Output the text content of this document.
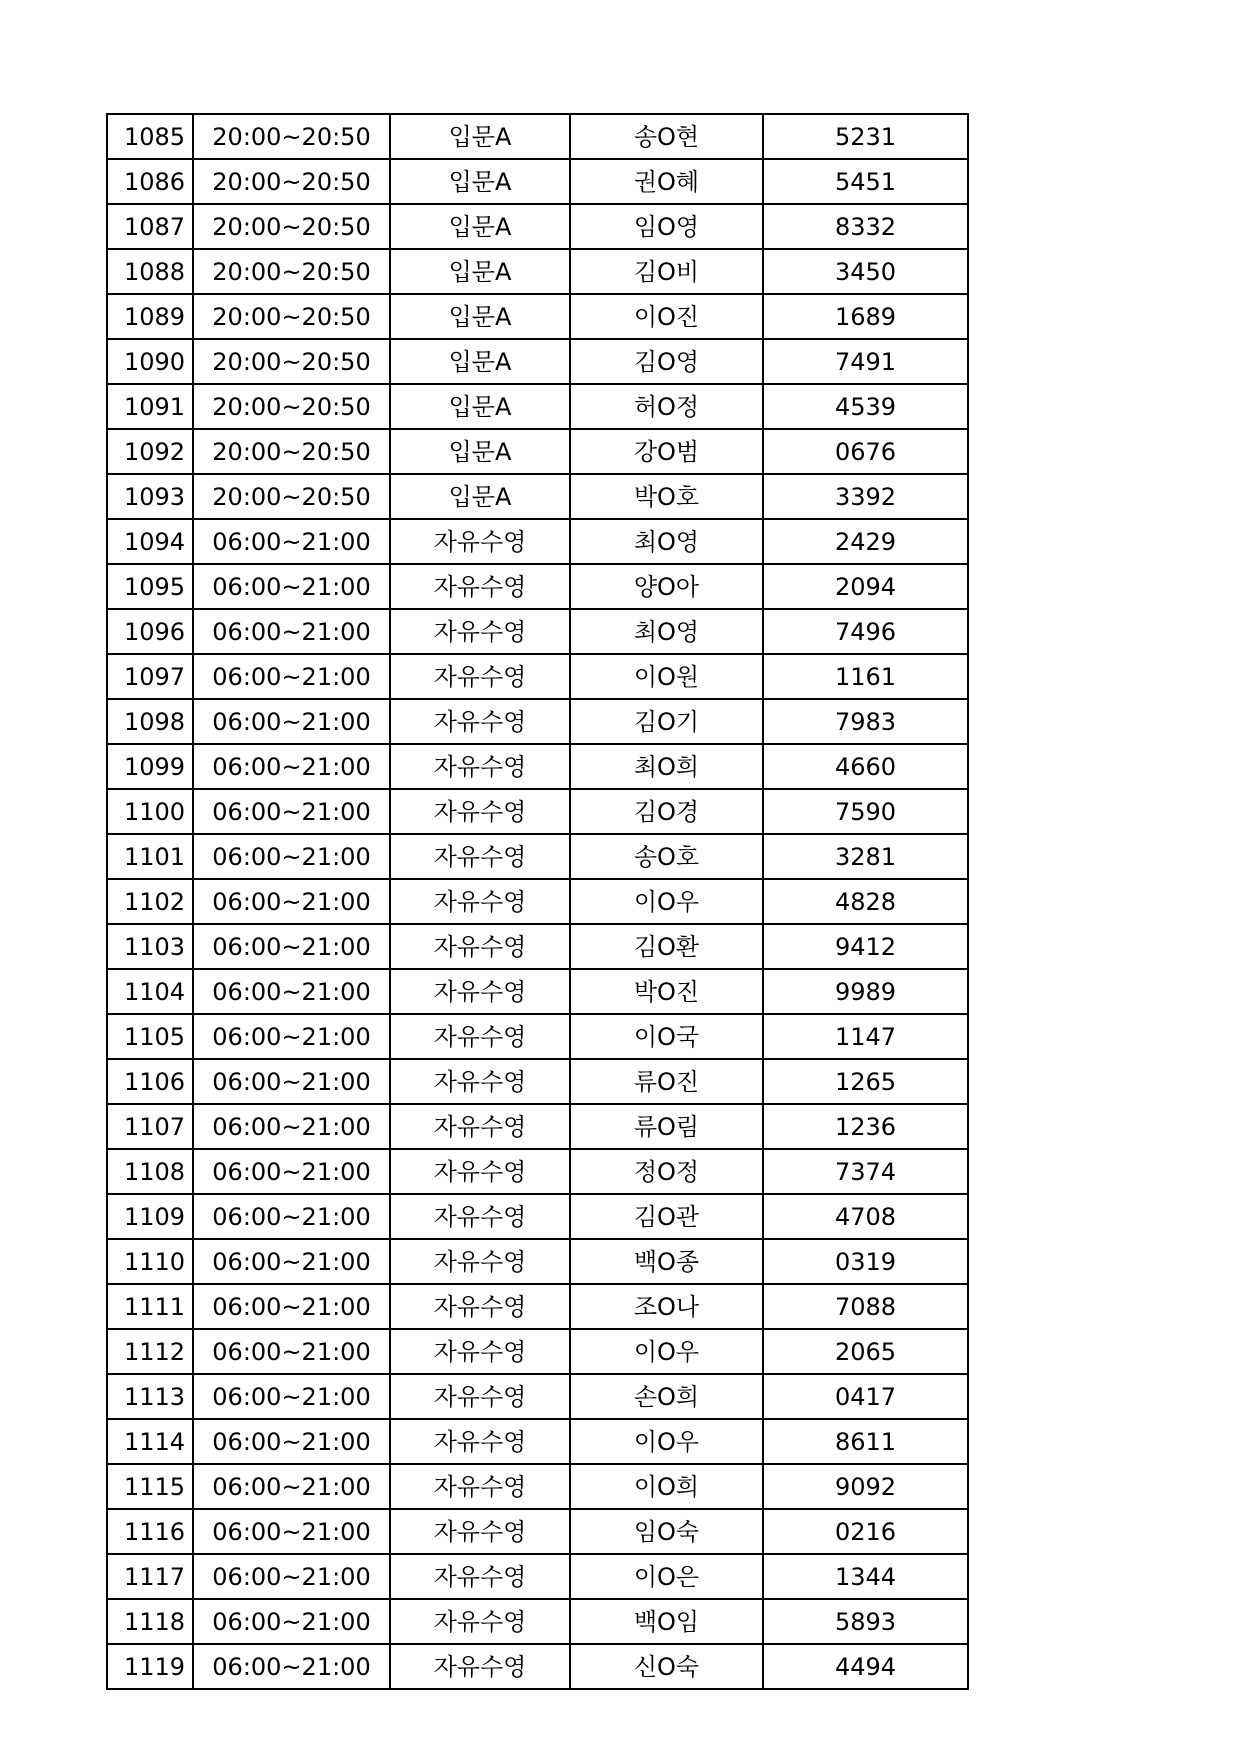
1085	20:00~20:50	입문A	송O현	5231
1086	20:00~20:50	입문A	권O혜	5451
1087	20:00~20:50	입문A	임O영	8332
1088	20:00~20:50	입문A	김O비	3450
1089	20:00~20:50	입문A	이O진	1689
1090	20:00~20:50	입문A	김O영	7491
1091	20:00~20:50	입문A	허O정	4539
1092	20:00~20:50	입문A	강O범	0676
1093	20:00~20:50	입문A	박O호	3392
1094	06:00~21:00	자유수영	최O영	2429
1095	06:00~21:00	자유수영	양O아	2094
1096	06:00~21:00	자유수영	최O영	7496
1097	06:00~21:00	자유수영	이O원	1161
1098	06:00~21:00	자유수영	김O기	7983
1099	06:00~21:00	자유수영	최O희	4660
1100	06:00~21:00	자유수영	김O경	7590
1101	06:00~21:00	자유수영	송O호	3281
1102	06:00~21:00	자유수영	이O우	4828
1103	06:00~21:00	자유수영	김O환	9412
1104	06:00~21:00	자유수영	박O진	9989
1105	06:00~21:00	자유수영	이O국	1147
1106	06:00~21:00	자유수영	류O진	1265
1107	06:00~21:00	자유수영	류O림	1236
1108	06:00~21:00	자유수영	정O정	7374
1109	06:00~21:00	자유수영	김O관	4708
1110	06:00~21:00	자유수영	백O종	0319
1111	06:00~21:00	자유수영	조O나	7088
1112	06:00~21:00	자유수영	이O우	2065
1113	06:00~21:00	자유수영	손O희	0417
1114	06:00~21:00	자유수영	이O우	8611
1115	06:00~21:00	자유수영	이O희	9092
1116	06:00~21:00	자유수영	임O숙	0216
1117	06:00~21:00	자유수영	이O은	1344
1118	06:00~21:00	자유수영	백O임	5893
1119	06:00~21:00	자유수영	신O숙	4494
